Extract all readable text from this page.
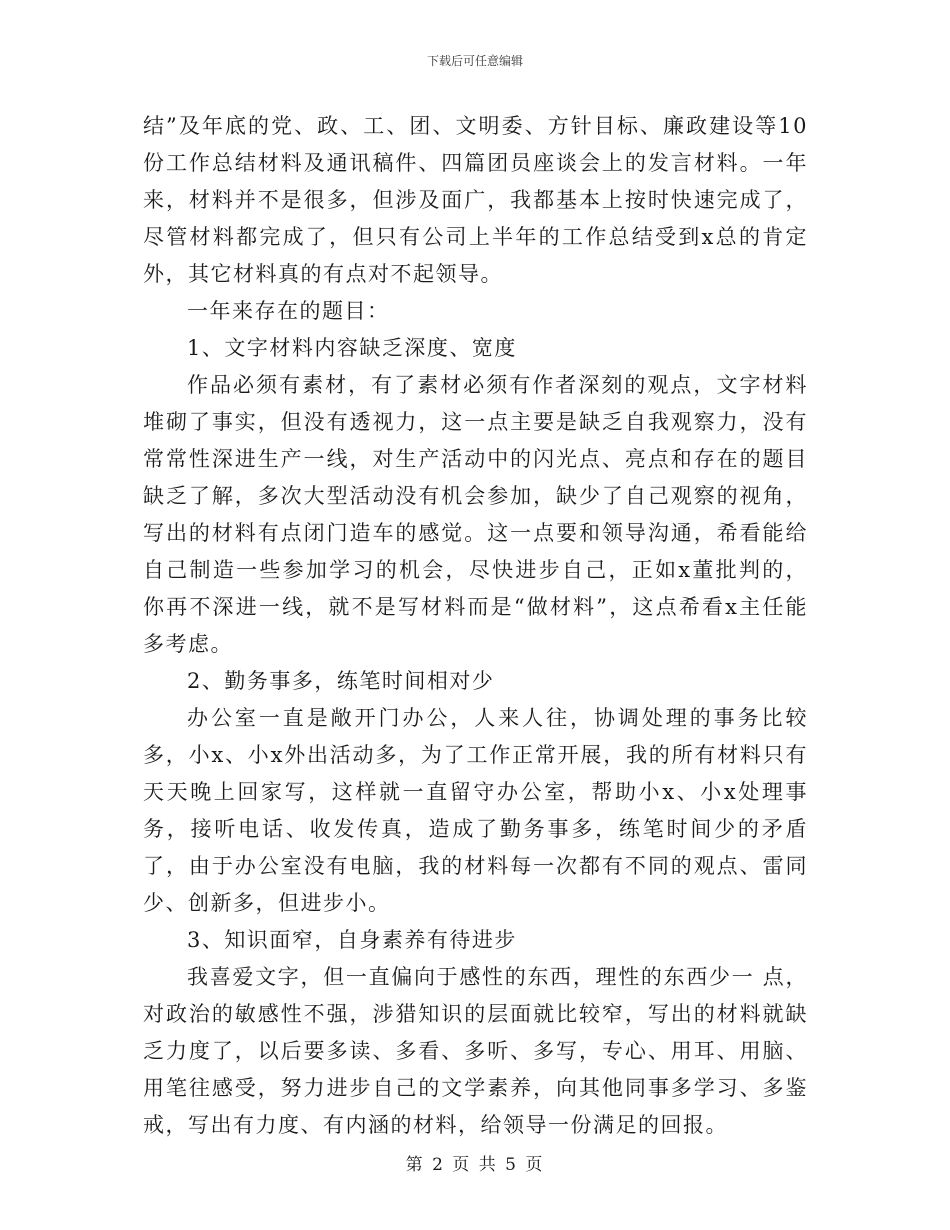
下载后可任意编辑

结”及年底的党、政、工、团、文明委、方针目标、廉政建设等10份工作总结材料及通讯稿件、四篇团员座谈会上的发言材料。一年来，材料并不是很多，但涉及面广，我都基本上按时快速完成了，尽管材料都完成了，但只有公司上半年的工作总结受到x总的肯定外，其它材料真的有点对不起领导。

一年来存在的题目：

1、文字材料内容缺乏深度、宽度

作品必须有素材，有了素材必须有作者深刻的观点，文字材料堆砌了事实，但没有透视力，这一点主要是缺乏自我观察力，没有常常性深进生产一线，对生产活动中的闪光点、亮点和存在的题目缺乏了解，多次大型活动没有机会参加，缺少了自己观察的视角，写出的材料有点闭门造车的感觉。这一点要和领导沟通，希看能给自己制造一些参加学习的机会，尽快进步自己，正如x董批判的，你再不深进一线，就不是写材料而是“做材料”，这点希看x主任能多考虑。

2、勤务事多，练笔时间相对少

办公室一直是敞开门办公，人来人往，协调处理的事务比较多，小x、小x外出活动多，为了工作正常开展，我的所有材料只有天天晚上回家写，这样就一直留守办公室，帮助小x、小x处理事务，接听电话、收发传真，造成了勤务事多，练笔时间少的矛盾了，由于办公室没有电脑，我的材料每一次都有不同的观点、雷同少、创新多，但进步小。

3、知识面窄，自身素养有待进步

我喜爱文字，但一直偏向于感性的东西，理性的东西少一 点，对政治的敏感性不强，涉猎知识的层面就比较窄，写出的材料就缺乏力度了，以后要多读、多看、多听、多写，专心、用耳、用脑、用笔往感受，努力进步自己的文学素养，向其他同事多学习、多鉴戒，写出有力度、有内涵的材料，给领导一份满足的回报。

第 2 页 共 5 页
